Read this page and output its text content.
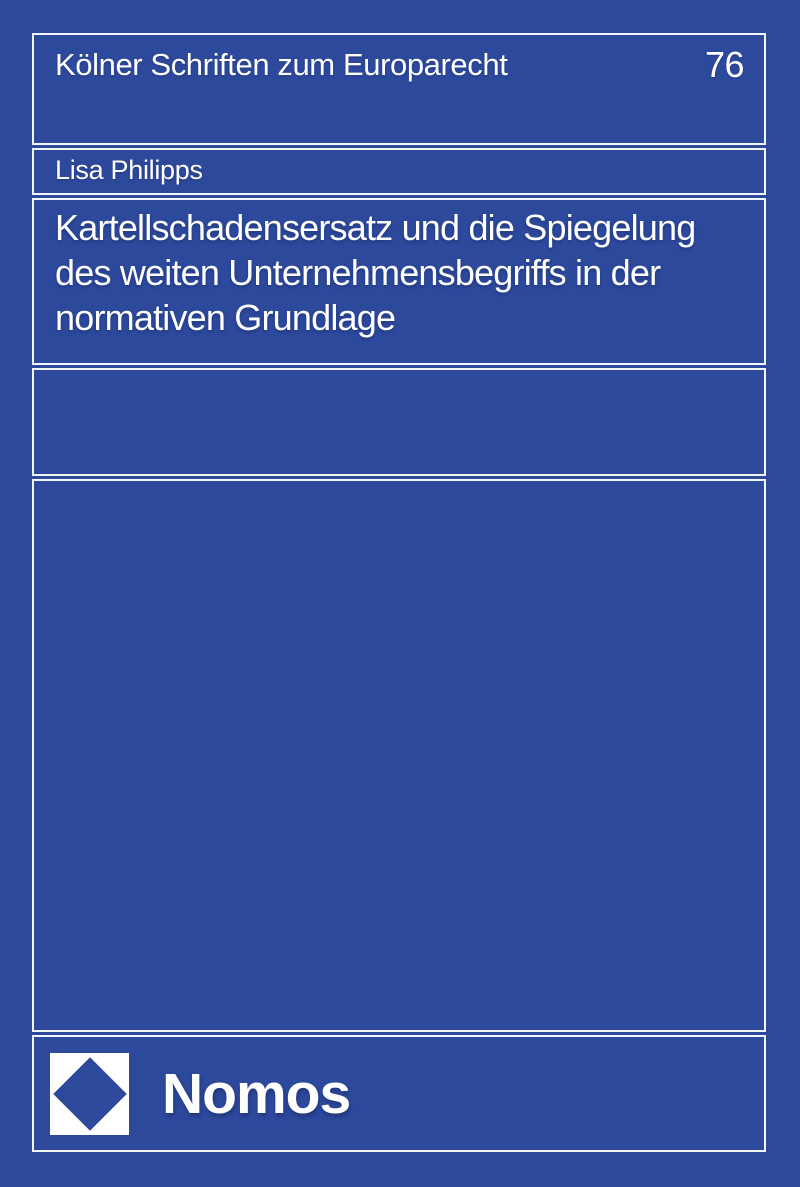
Kölner Schriften zum Europarecht	76
Lisa Philipps
Kartellschadensersatz und die Spiegelung
des weiten Unternehmensbegriffs in der
normativen Grundlage
Nomos
